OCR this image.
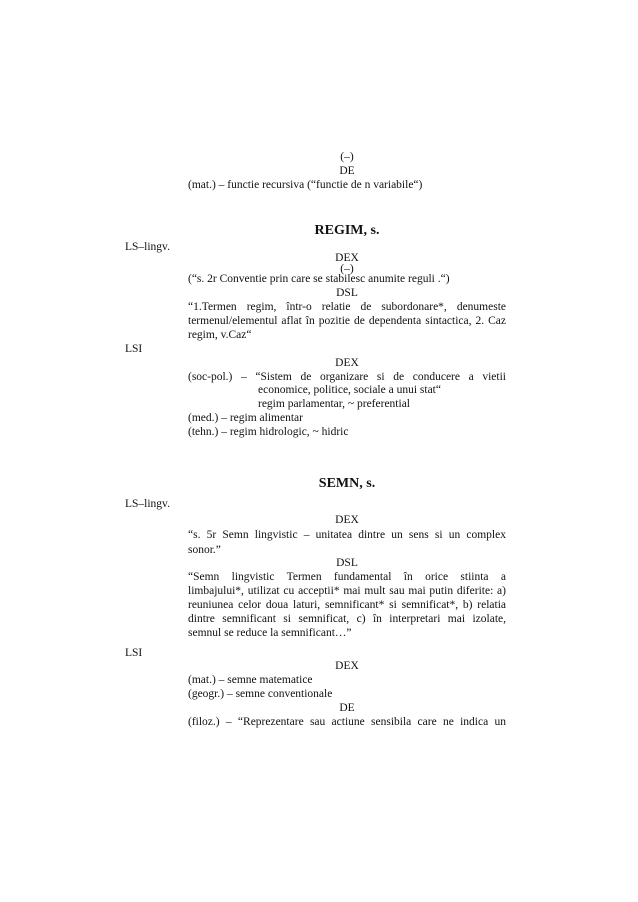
(–)
DE
(mat.) – functie recursiva (“functie de n variabile“)
REGIM, s.
LS–lingv.
DEX
(–)
(“s. 2r Conventie prin care se stabilesc anumite reguli .“)
DSL
“1.Termen regim, într-o relatie de subordonare*, denumeste
termenul/elementul aflat în pozitie de dependenta sintactica, 2. Caz
regim, v.Caz“
LSI
DEX
(soc-pol.) – “Sistem de organizare si de conducere a vietii
economice, politice, sociale a unui stat“
regim parlamentar, ~ preferential
(med.) – regim alimentar
(tehn.) – regim hidrologic, ~ hidric
SEMN, s.
LS–lingv.
DEX
“s. 5r Semn lingvistic – unitatea dintre un sens si un complex
sonor.”
DSL
“Semn lingvistic Termen fundamental în orice stiinta a
limbajului*, utilizat cu acceptii* mai mult sau mai putin diferite: a)
reuniunea celor doua laturi, semnificant* si semnificat*, b) relatia
dintre semnificant si semnificat, c) în interpretari mai izolate,
semnul se reduce la semnificant…”
LSI
DEX
(mat.) – semne matematice
(geogr.) – semne conventionale
DE
(filoz.) – “Reprezentare sau actiune sensibila care ne indica un
